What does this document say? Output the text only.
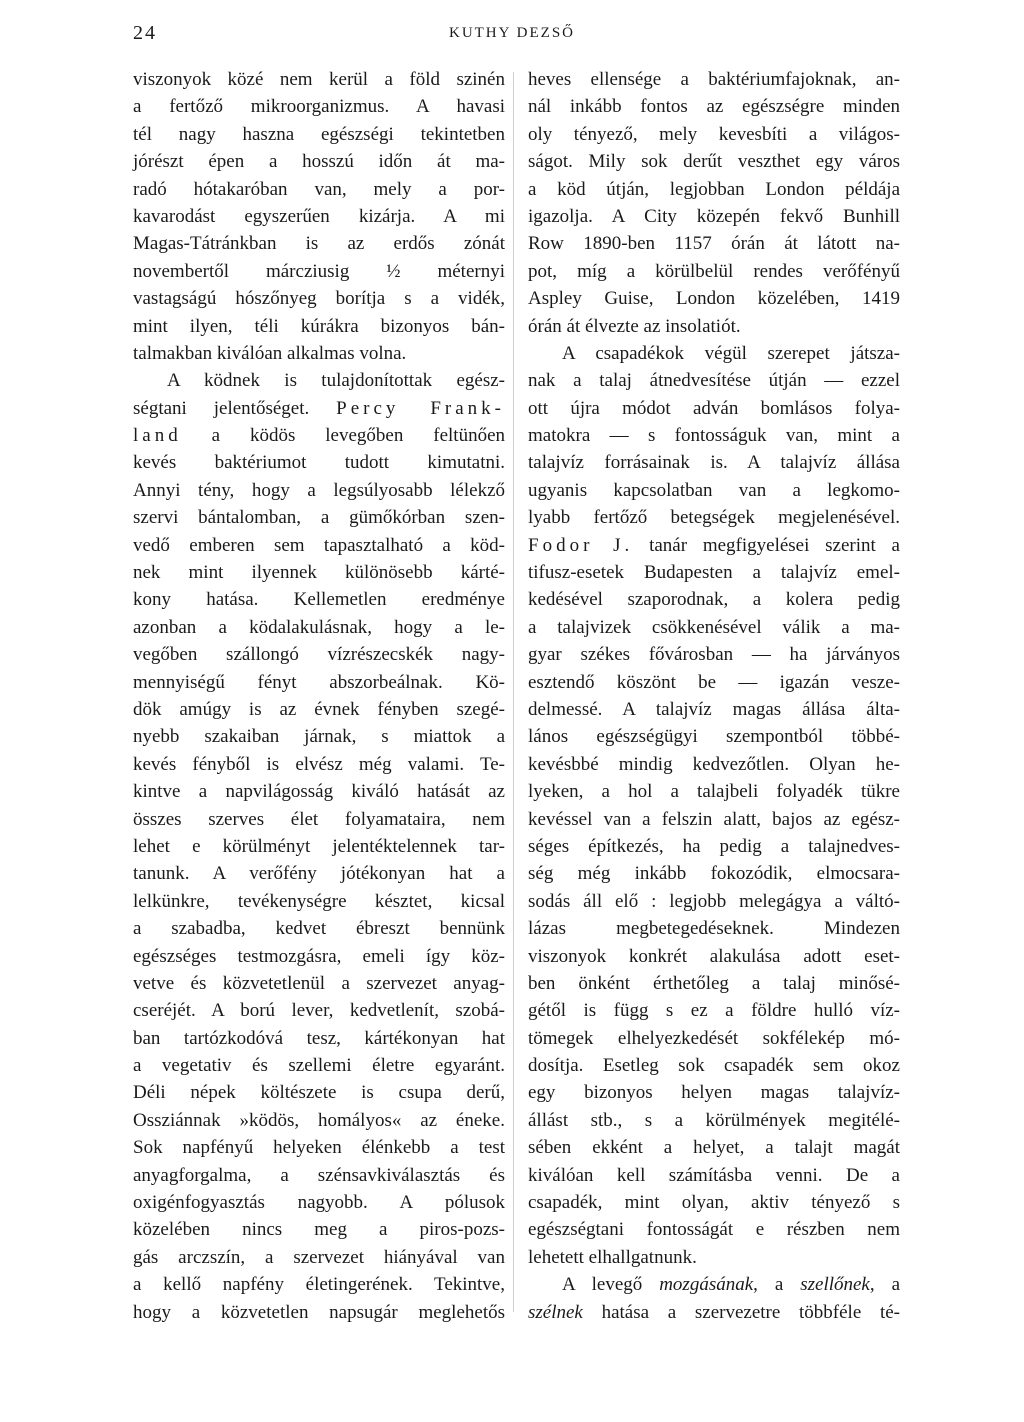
24	KUTHY DEZSŐ
viszonyok közé nem kerül a föld szinén
a fertőző mikroorganizmus. A havasi
tél nagy haszna egészségi tekintetben
jórészt épen a hosszú időn át ma-
radó hótakaróban van, mely a por-
kavarodást egyszerűen kizárja. A mi
Magas-Tátránkban is az erdős zónát
novembertől márcziusig ½ méternyi
vastagságú hószőnyeg borítja s a vidék,
mint ilyen, téli kúrákra bizonyos bán-
talmakban kiválóan alkalmas volna.
A ködnek is tulajdonítottak egész-
ségtani jelentőséget. Percy Frank-
land a ködös levegőben feltünően
kevés baktériumot tudott kimutatni.
Annyi tény, hogy a legsúlyosabb lélekző
szervi bántalomban, a gümőkórban szen-
vedő emberen sem tapasztalható a köd-
nek mint ilyennek különösebb kárté-
kony hatása. Kellemetlen eredménye
azonban a ködalakulásnak, hogy a le-
vegőben szállongó vízrészecskék nagy-
mennyiségű fényt abszorbeálnak. Kö-
dök amúgy is az évnek fényben szegé-
nyebb szakaiban járnak, s miattok a
kevés fényből is elvész még valami. Te-
kintve a napvilágosság kiváló hatását az
összes szerves élet folyamataira, nem
lehet e körülményt jelentéktelennek tar-
tanunk. A verőfény jótékonyan hat a
lelkünkre, tevékenységre késztet, kicsal
a szabadba, kedvet ébreszt bennünk
egészséges testmozgásra, emeli így köz-
vetve és közvetetlenül a szervezet anyag-
cseréjét. A ború lever, kedvetlenít, szobá-
ban tartózkodóvá tesz, kártékonyan hat
a vegetativ és szellemi életre egyaránt.
Déli népek költészete is csupa derű,
Ossziánnak »ködös, homályos« az éneke.
Sok napfényű helyeken élénkebb a test
anyagforgalma, a szénsavkiválasztás és
oxigénfogyasztás nagyobb. A pólusok
közelében nincs meg a piros-pozs-
gás arczszín, a szervezet hiányával van
a kellő napfény életingerének. Tekintve,
hogy a közvetetlen napsugár meglehetős
heves ellensége a baktériumfajoknak, an-
nál inkább fontos az egészségre minden
oly tényező, mely kevesbíti a világos-
ságot. Mily sok derűt veszthet egy város
a köd útján, legjobban London példája
igazolja. A City közepén fekvő Bunhill
Row 1890-ben 1157 órán át látott na-
pot, míg a körülbelül rendes verőfényű
Aspley Guise, London közelében, 1419
órán át élvezte az insolatiót.
A csapadékok végül szerepet játsza-
nak a talaj átnedvesítése útján — ezzel
ott újra módot adván bomlásos folya-
matokra — s fontosságuk van, mint a
talajvíz forrásainak is. A talajvíz állása
ugyanis kapcsolatban van a legkomo-
lyabb fertőző betegségek megjelenésével.
Fodor J. tanár megfigyelései szerint a
tifusz-esetek Budapesten a talajvíz emel-
kedésével szaporodnak, a kolera pedig
a talajvizek csökkenésével válik a ma-
gyar székes fővárosban — ha járványos
esztendő köszönt be — igazán vesze-
delmessé. A talajvíz magas állása álta-
lános egészségügyi szempontból többé-
kevésbbé mindig kedvezőtlen. Olyan he-
lyeken, a hol a talajbeli folyadék tükre
kevéssel van a felszin alatt, bajos az egész-
séges építkezés, ha pedig a talajnedves-
ség még inkább fokozódik, elmocsara-
sodás áll elő : legjobb melegágya a váltó-
lázas megbetegedéseknek. Mindezen
viszonyok konkrét alakulása adott eset-
ben önként érthetőleg a talaj minősé-
gétől is függ s ez a földre hulló víz-
tömegek elhelyezkedését sokfélekép mó-
dosítja. Esetleg sok csapadék sem okoz
egy bizonyos helyen magas talajvíz-
állást stb., s a körülmények megitélé-
sében ekként a helyet, a talajt magát
kiválóan kell számításba venni. De a
csapadék, mint olyan, aktiv tényező s
egészségtani fontosságát e részben nem
lehetett elhallgatnunk.
A levegő mozgásának, a szellőnek, a
szélnek hatása a szervezetre többféle té-
